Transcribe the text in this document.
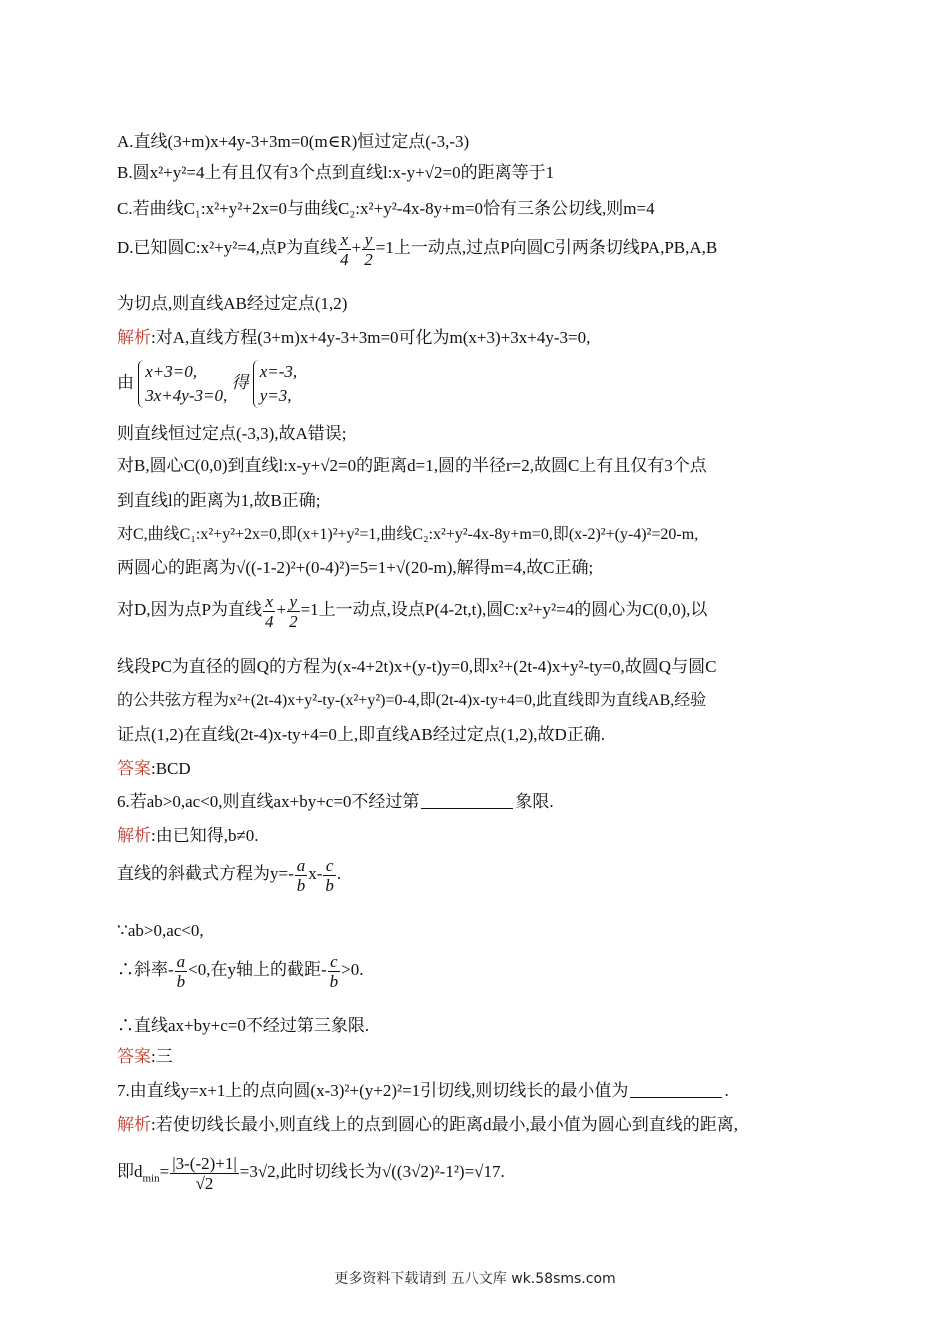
A.直线(3+m)x+4y-3+3m=0(m∈R)恒过定点(-3,-3)
B.圆x²+y²=4上有且仅有3个点到直线l:x-y+√2=0的距离等于1
C.若曲线C₁:x²+y²+2x=0与曲线C₂:x²+y²-4x-8y+m=0恰有三条公切线,则m=4
D.已知圆C:x²+y²=4,点P为直线 $\frac{x}{4} + \frac{y}{2} =1$上一动点,过点P向圆C引两条切线PA,PB,A,B
为切点,则直线AB经过定点(1,2)
解析:对A,直线方程(3+m)x+4y-3+3m=0可化为m(x+3)+3x+4y-3=0,
由
x+3=0,
3x+4y-3=0,
得
x=-3,
y=3,
则直线恒过定点(-3,3),故A错误;
对B,圆心C(0,0)到直线l:x-y+√2=0的距离d=1,圆的半径r=2,故圆C上有且仅有3个点
到直线l的距离为1,故B正确;
对C,曲线C₁:x²+y²+2x=0,即(x+1)²+y²=1,曲线C₂:x²+y²-4x-8y+m=0,即(x-2)²+(y-4)²=20-m,
两圆心的距离为√((-1-2)²+(0-4)²)=5=1+√(20-m),解得m=4,故C正确;
对D,因为点P为直线 $\frac{x}{4} + \frac{y}{2} =1$上一动点,设点P(4-2t,t),圆C:x²+y²=4的圆心为C(0,0),以
线段PC为直径的圆Q的方程为(x-4+2t)x+(y-t)y=0,即x²+(2t-4)x+y²-ty=0,故圆Q与圆C
的公共弦方程为x²+(2t-4)x+y²-ty-(x²+y²)=0-4,即(2t-4)x-ty+4=0,此直线即为直线AB,经验
证点(1,2)在直线(2t-4)x-ty+4=0上,即直线AB经过定点(1,2),故D正确.
答案:BCD
6.若ab>0,ac<0,则直线ax+by+c=0不经过第	象限.
解析:由已知得,b≠0.
直线的斜截式方程为$y=- \frac{a}{b} x- \frac{c}{b}$ .
∵ab>0,ac<0,
∴斜率- $\frac{a}{b} <0$,在y轴上的截距- $\frac{c}{b} >0$.
∴直线ax+by+c=0不经过第三象限.
答案:三
7.由直线y=x+1上的点向圆(x-3)²+(y+2)²=1引切线,则切线长的最小值为	.
解析:若使切线长最小,则直线上的点到圆心的距离d最小,最小值为圆心到直线的距离,
即$d_{min}= \frac{|3-(-2)+1|}{√2} =3√2$,此时切线长为√((3√2)²-1²)=√17.
更多资料下载请到 五八文库 wk.58sms.com
